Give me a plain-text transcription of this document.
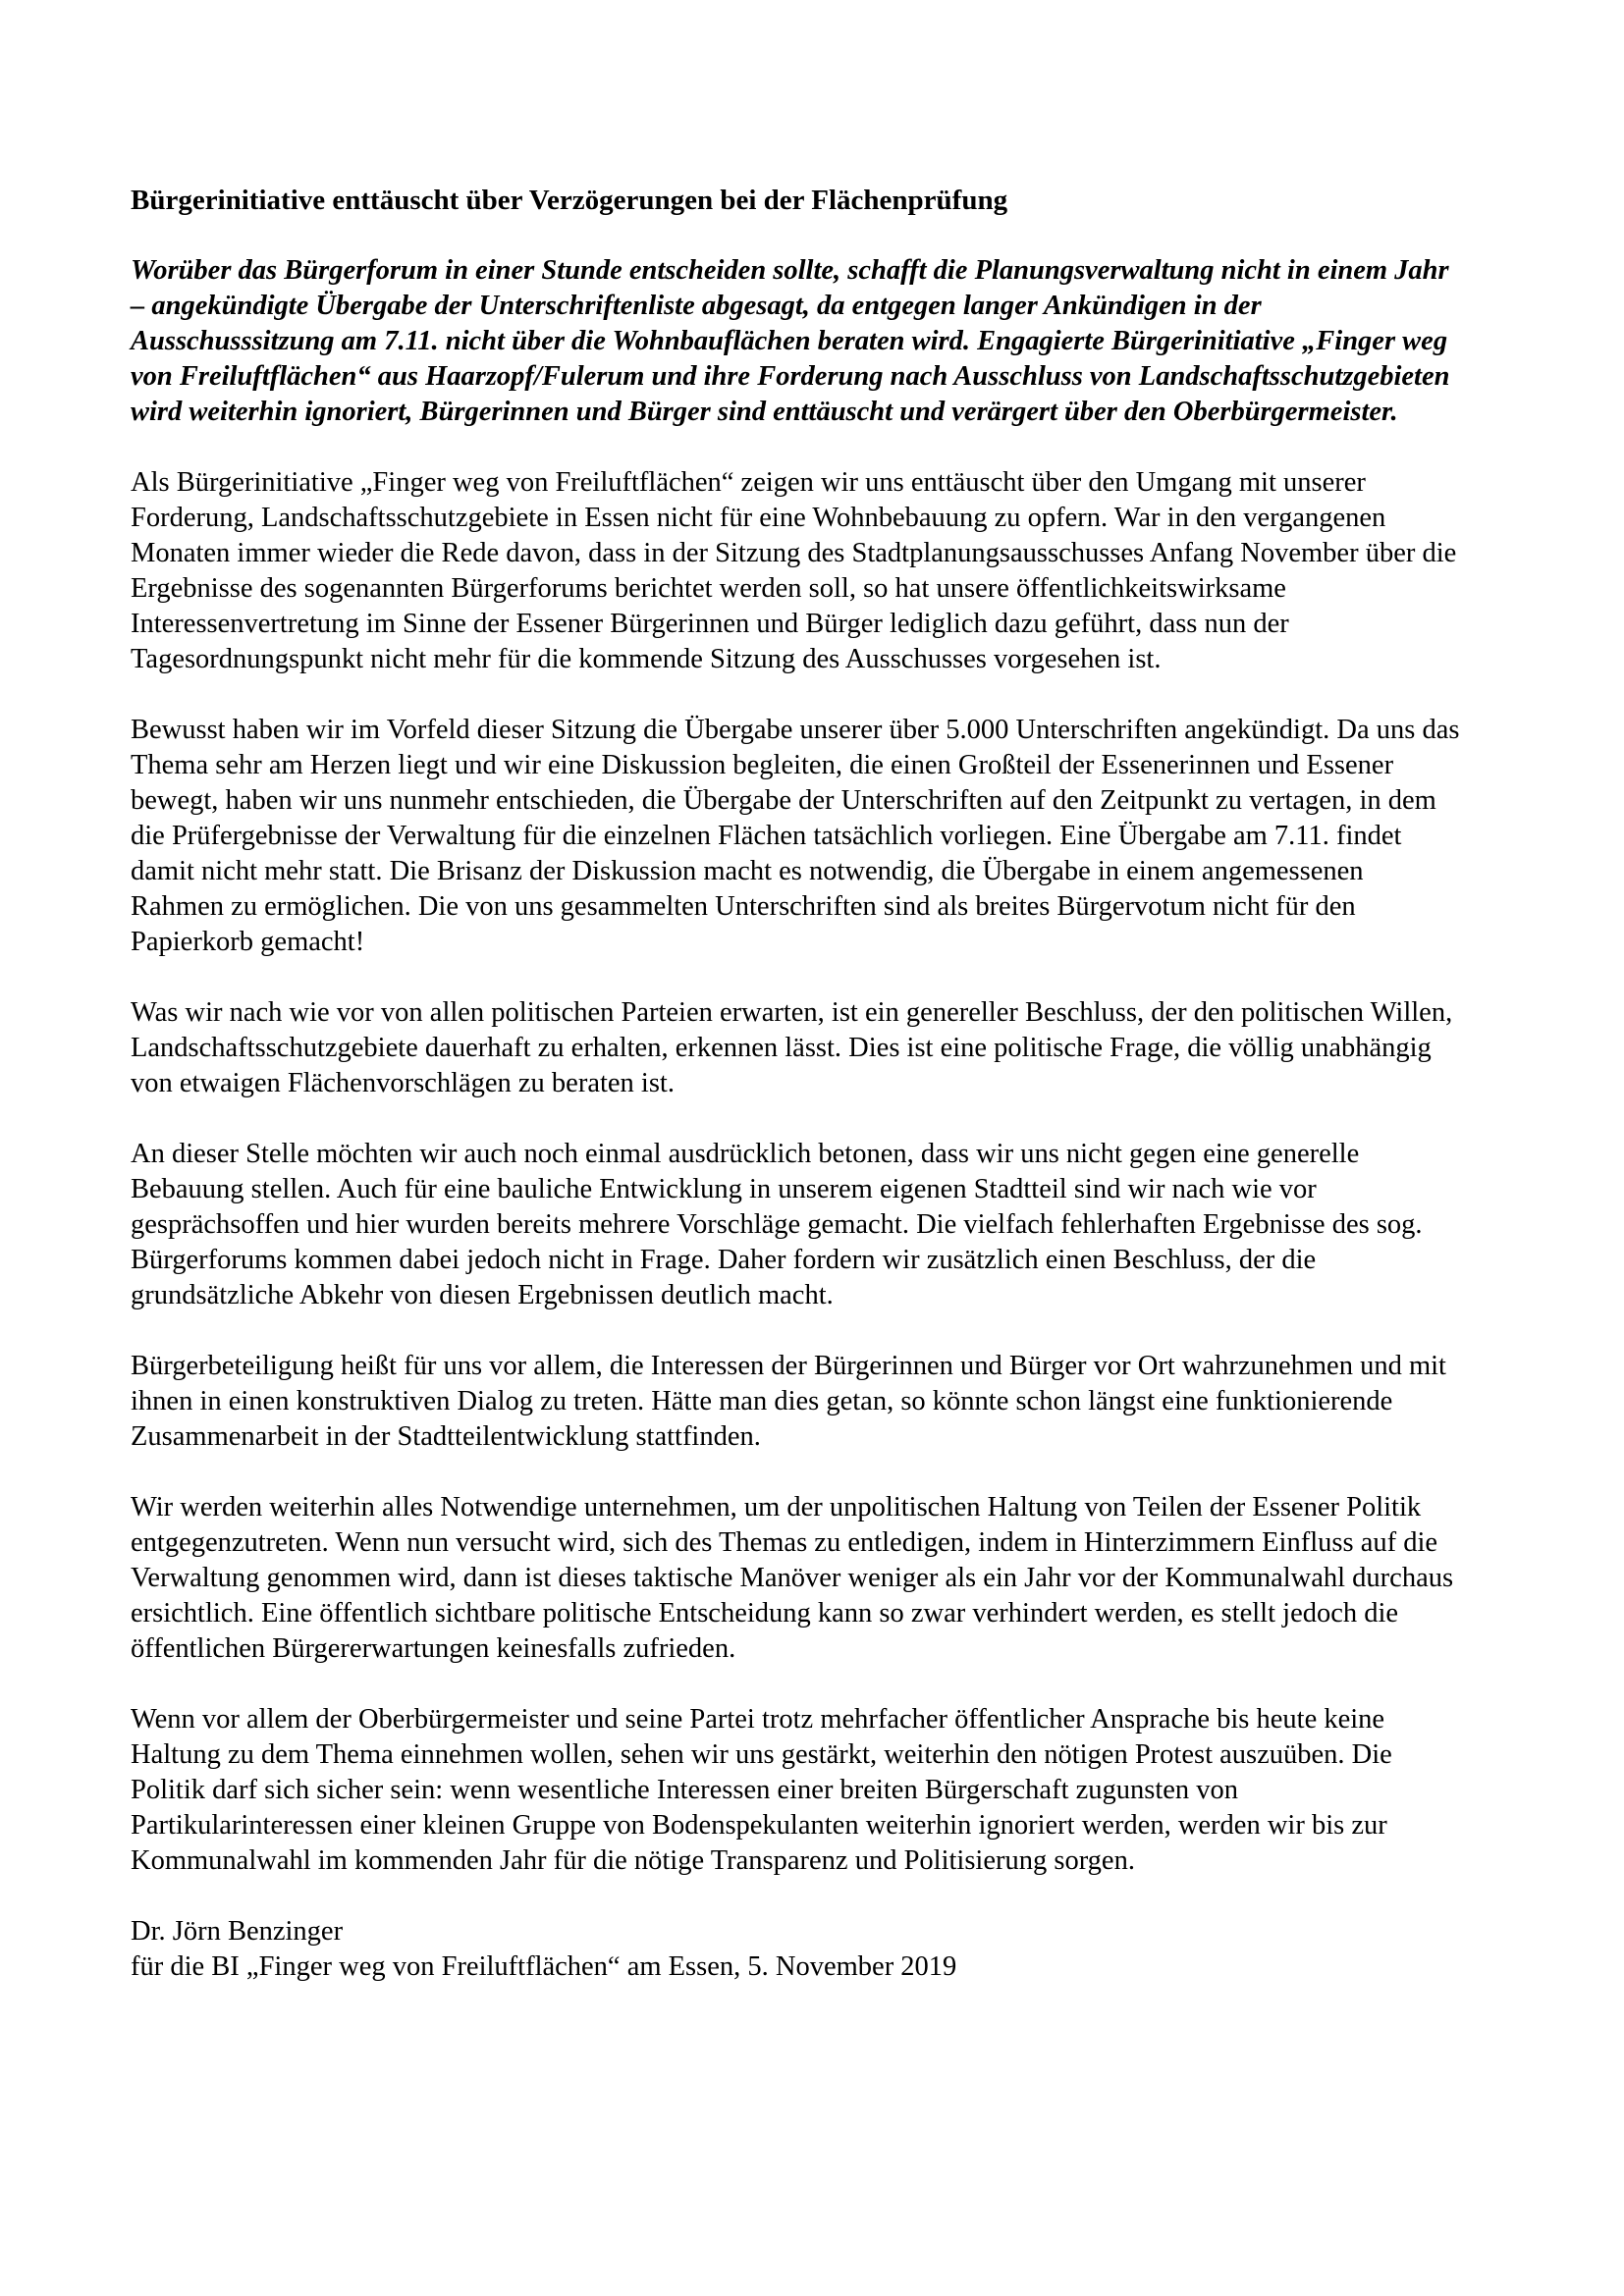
Bürgerinitiative enttäuscht über Verzögerungen bei der Flächenprüfung

Worüber das Bürgerforum in einer Stunde entscheiden sollte, schafft die Planungsverwaltung nicht in einem Jahr – angekündigte Übergabe der Unterschriftenliste abgesagt, da entgegen langer Ankündigen in der Ausschusssitzung am 7.11. nicht über die Wohnbauflächen beraten wird. Engagierte Bürgerinitiative „Finger weg von Freiluftflächen“ aus Haarzopf/Fulerum und ihre Forderung nach Ausschluss von Landschaftsschutzgebieten wird weiterhin ignoriert, Bürgerinnen und Bürger sind enttäuscht und verärgert über den Oberbürgermeister.

Als Bürgerinitiative „Finger weg von Freiluftflächen“ zeigen wir uns enttäuscht über den Umgang mit unserer Forderung, Landschaftsschutzgebiete in Essen nicht für eine Wohnbebauung zu opfern. War in den vergangenen Monaten immer wieder die Rede davon, dass in der Sitzung des Stadtplanungsausschusses Anfang November über die Ergebnisse des sogenannten Bürgerforums berichtet werden soll, so hat unsere öffentlichkeitswirksame Interessenvertretung im Sinne der Essener Bürgerinnen und Bürger lediglich dazu geführt, dass nun der Tagesordnungspunkt nicht mehr für die kommende Sitzung des Ausschusses vorgesehen ist.

Bewusst haben wir im Vorfeld dieser Sitzung die Übergabe unserer über 5.000 Unterschriften angekündigt. Da uns das Thema sehr am Herzen liegt und wir eine Diskussion begleiten, die einen Großteil der Essenerinnen und Essener bewegt, haben wir uns nunmehr entschieden, die Übergabe der Unterschriften auf den Zeitpunkt zu vertagen, in dem die Prüfergebnisse der Verwaltung für die einzelnen Flächen tatsächlich vorliegen. Eine Übergabe am 7.11. findet damit nicht mehr statt. Die Brisanz der Diskussion macht es notwendig, die Übergabe in einem angemessenen Rahmen zu ermöglichen. Die von uns gesammelten Unterschriften sind als breites Bürgervotum nicht für den Papierkorb gemacht!

Was wir nach wie vor von allen politischen Parteien erwarten, ist ein genereller Beschluss, der den politischen Willen, Landschaftsschutzgebiete dauerhaft zu erhalten, erkennen lässt. Dies ist eine politische Frage, die völlig unabhängig von etwaigen Flächenvorschlägen zu beraten ist.

An dieser Stelle möchten wir auch noch einmal ausdrücklich betonen, dass wir uns nicht gegen eine generelle Bebauung stellen. Auch für eine bauliche Entwicklung in unserem eigenen Stadtteil sind wir nach wie vor gesprächsoffen und hier wurden bereits mehrere Vorschläge gemacht. Die vielfach fehlerhaften Ergebnisse des sog. Bürgerforums kommen dabei jedoch nicht in Frage. Daher fordern wir zusätzlich einen Beschluss, der die grundsätzliche Abkehr von diesen Ergebnissen deutlich macht.

Bürgerbeteiligung heißt für uns vor allem, die Interessen der Bürgerinnen und Bürger vor Ort wahrzunehmen und mit ihnen in einen konstruktiven Dialog zu treten. Hätte man dies getan, so könnte schon längst eine funktionierende Zusammenarbeit in der Stadtteilentwicklung stattfinden.

Wir werden weiterhin alles Notwendige unternehmen, um der unpolitischen Haltung von Teilen der Essener Politik entgegenzutreten. Wenn nun versucht wird, sich des Themas zu entledigen, indem in Hinterzimmern Einfluss auf die Verwaltung genommen wird, dann ist dieses taktische Manöver weniger als ein Jahr vor der Kommunalwahl durchaus ersichtlich. Eine öffentlich sichtbare politische Entscheidung kann so zwar verhindert werden, es stellt jedoch die öffentlichen Bürgererwartungen keinesfalls zufrieden.

Wenn vor allem der Oberbürgermeister und seine Partei trotz mehrfacher öffentlicher Ansprache bis heute keine Haltung zu dem Thema einnehmen wollen, sehen wir uns gestärkt, weiterhin den nötigen Protest auszuüben. Die Politik darf sich sicher sein: wenn wesentliche Interessen einer breiten Bürgerschaft zugunsten von Partikularinteressen einer kleinen Gruppe von Bodenspekulanten weiterhin ignoriert werden, werden wir bis zur Kommunalwahl im kommenden Jahr für die nötige Transparenz und Politisierung sorgen.

Dr. Jörn Benzinger
für die BI „Finger weg von Freiluftflächen“ am Essen, 5. November 2019
